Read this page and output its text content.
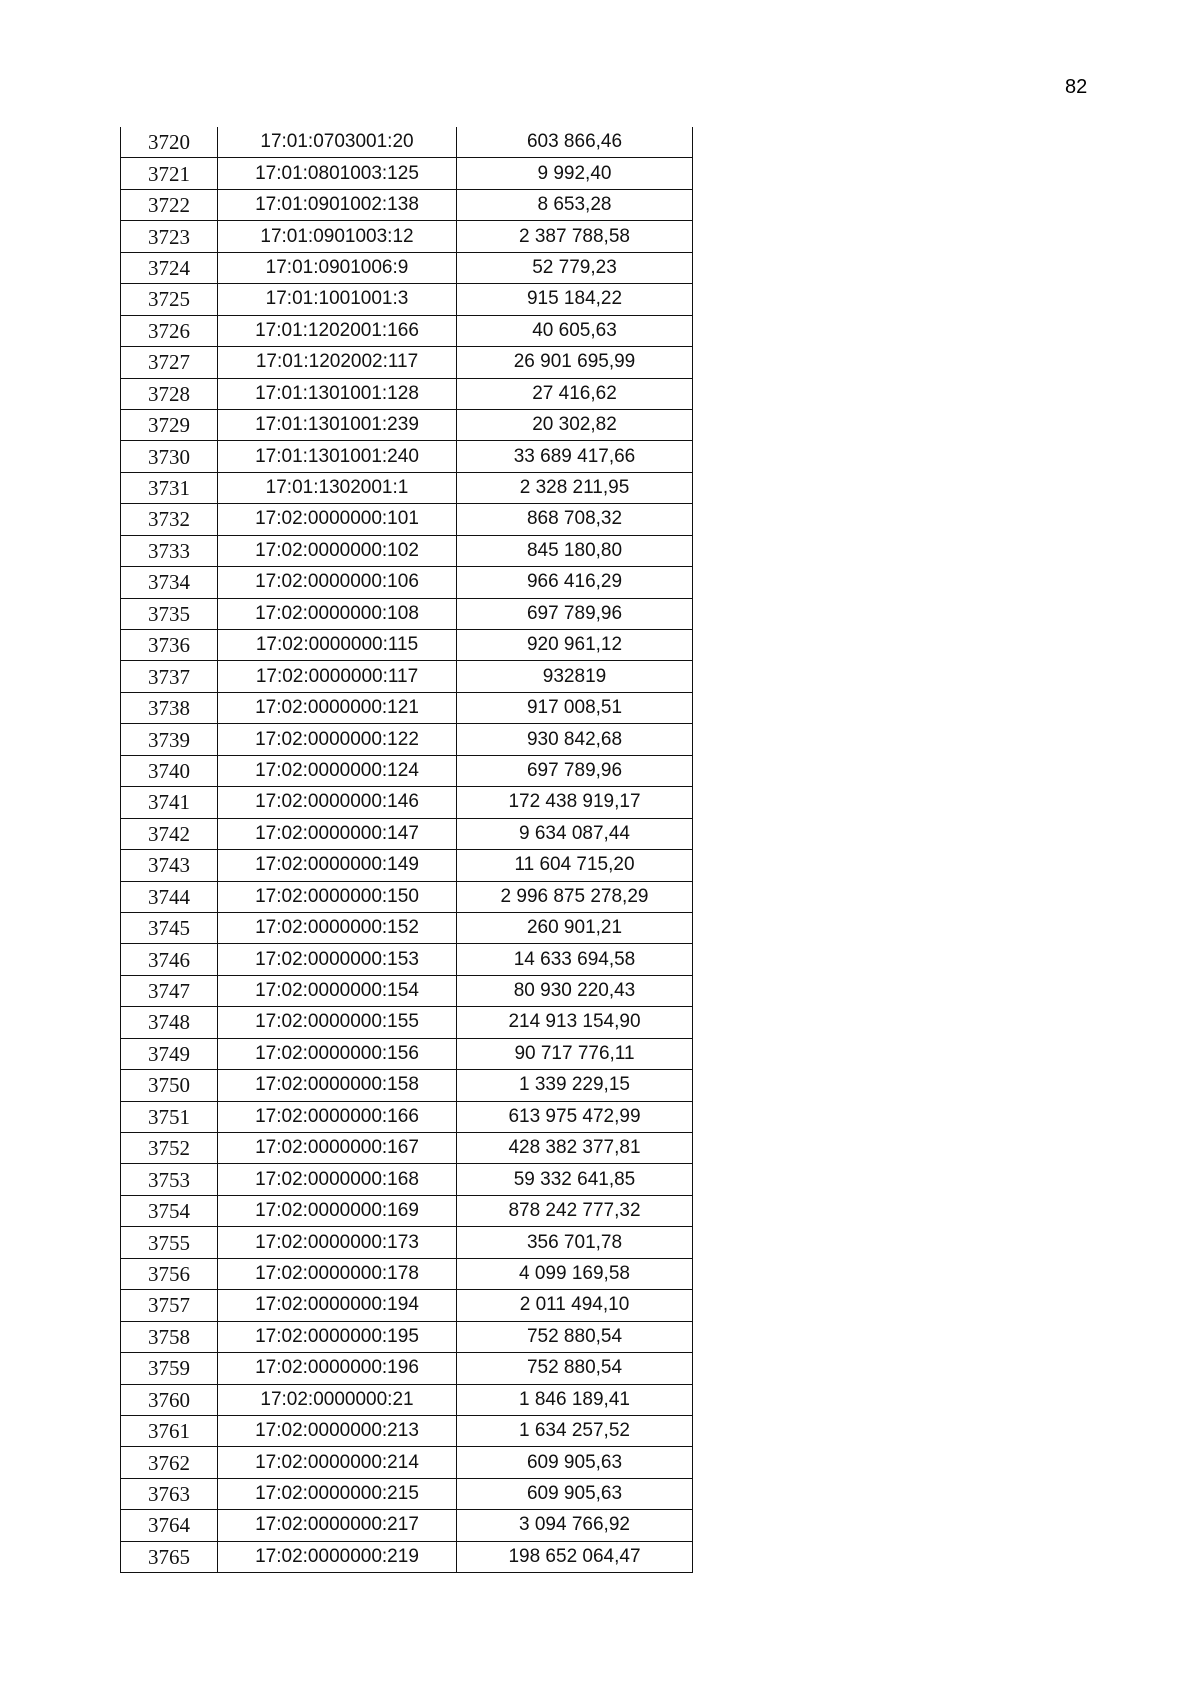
82
3720	17:01:0703001:20	603 866,46
3721	17:01:0801003:125	9 992,40
3722	17:01:0901002:138	8 653,28
3723	17:01:0901003:12	2 387 788,58
3724	17:01:0901006:9	52 779,23
3725	17:01:1001001:3	915 184,22
3726	17:01:1202001:166	40 605,63
3727	17:01:1202002:117	26 901 695,99
3728	17:01:1301001:128	27 416,62
3729	17:01:1301001:239	20 302,82
3730	17:01:1301001:240	33 689 417,66
3731	17:01:1302001:1	2 328 211,95
3732	17:02:0000000:101	868 708,32
3733	17:02:0000000:102	845 180,80
3734	17:02:0000000:106	966 416,29
3735	17:02:0000000:108	697 789,96
3736	17:02:0000000:115	920 961,12
3737	17:02:0000000:117	932819
3738	17:02:0000000:121	917 008,51
3739	17:02:0000000:122	930 842,68
3740	17:02:0000000:124	697 789,96
3741	17:02:0000000:146	172 438 919,17
3742	17:02:0000000:147	9 634 087,44
3743	17:02:0000000:149	11 604 715,20
3744	17:02:0000000:150	2 996 875 278,29
3745	17:02:0000000:152	260 901,21
3746	17:02:0000000:153	14 633 694,58
3747	17:02:0000000:154	80 930 220,43
3748	17:02:0000000:155	214 913 154,90
3749	17:02:0000000:156	90 717 776,11
3750	17:02:0000000:158	1 339 229,15
3751	17:02:0000000:166	613 975 472,99
3752	17:02:0000000:167	428 382 377,81
3753	17:02:0000000:168	59 332 641,85
3754	17:02:0000000:169	878 242 777,32
3755	17:02:0000000:173	356 701,78
3756	17:02:0000000:178	4 099 169,58
3757	17:02:0000000:194	2 011 494,10
3758	17:02:0000000:195	752 880,54
3759	17:02:0000000:196	752 880,54
3760	17:02:0000000:21	1 846 189,41
3761	17:02:0000000:213	1 634 257,52
3762	17:02:0000000:214	609 905,63
3763	17:02:0000000:215	609 905,63
3764	17:02:0000000:217	3 094 766,92
3765	17:02:0000000:219	198 652 064,47
